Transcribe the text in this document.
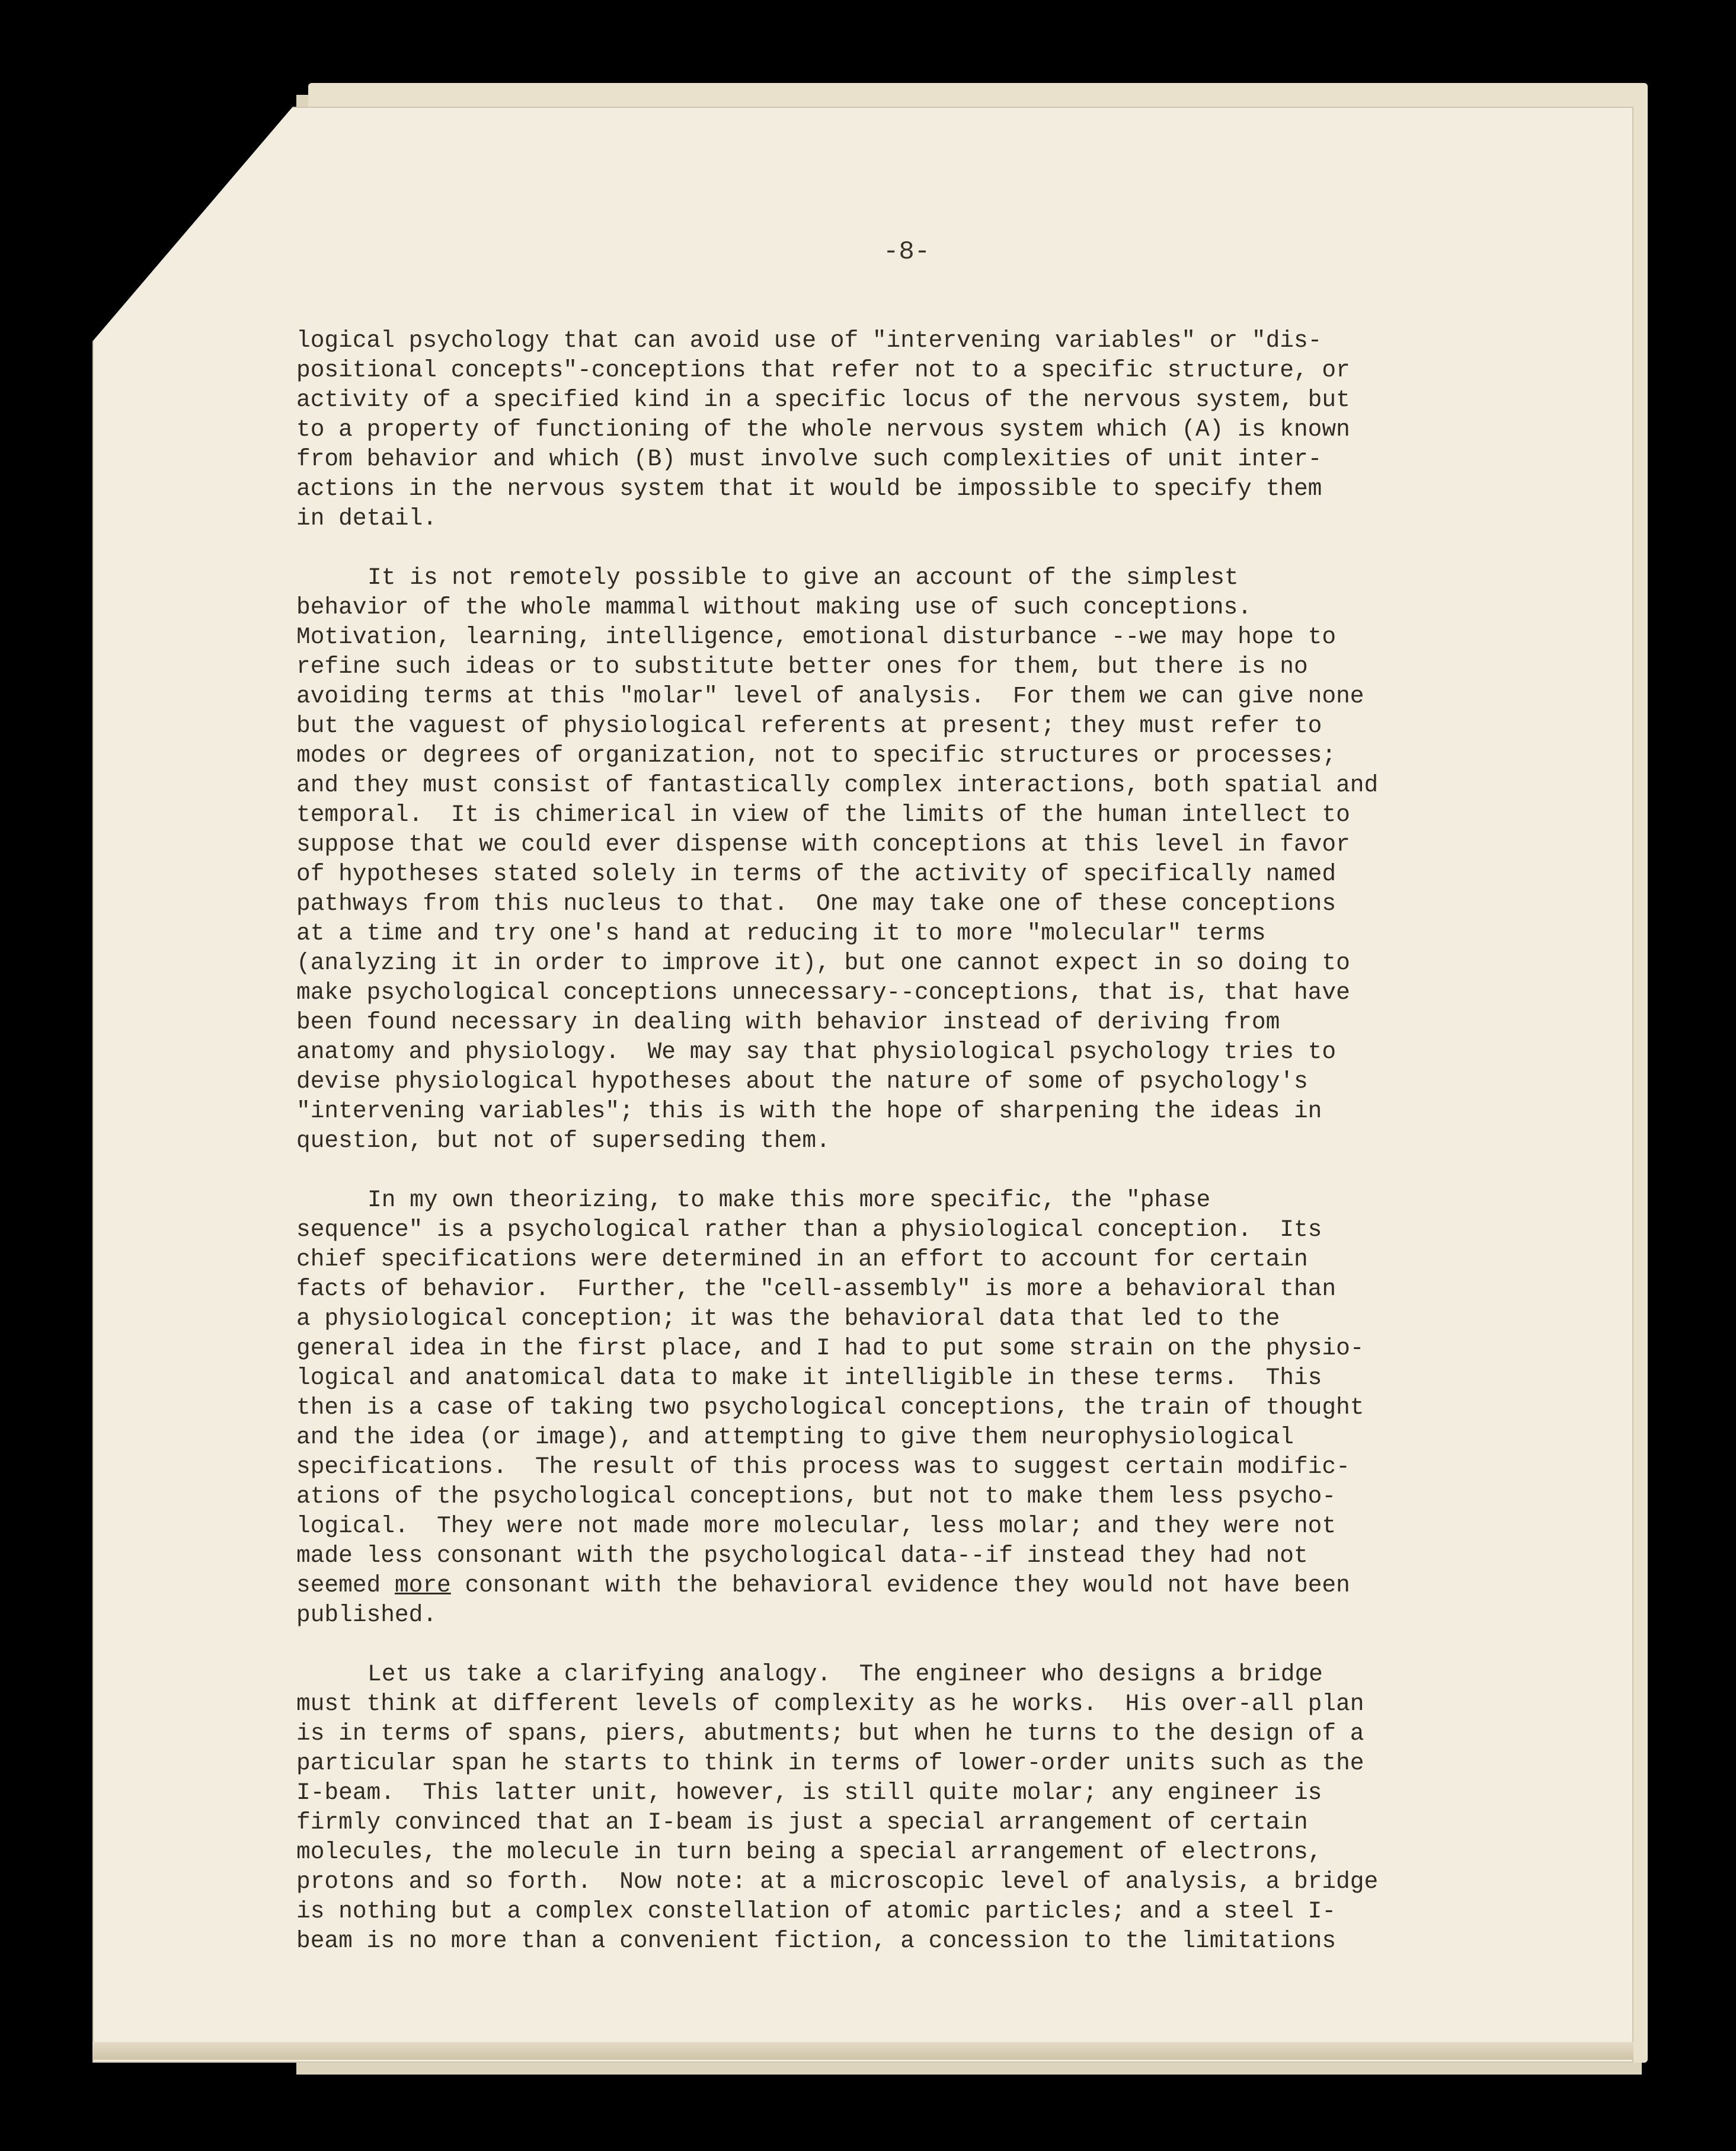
-8-

logical psychology that can avoid use of "intervening variables" or "dis-
positional concepts"-conceptions that refer not to a specific structure, or
activity of a specified kind in a specific locus of the nervous system, but
to a property of functioning of the whole nervous system which (A) is known
from behavior and which (B) must involve such complexities of unit inter-
actions in the nervous system that it would be impossible to specify them
in detail.

It is not remotely possible to give an account of the simplest
behavior of the whole mammal without making use of such conceptions.
Motivation, learning, intelligence, emotional disturbance --we may hope to
refine such ideas or to substitute better ones for them, but there is no
avoiding terms at this "molar" level of analysis.  For them we can give none
but the vaguest of physiological referents at present; they must refer to
modes or degrees of organization, not to specific structures or processes;
and they must consist of fantastically complex interactions, both spatial and
temporal.  It is chimerical in view of the limits of the human intellect to
suppose that we could ever dispense with conceptions at this level in favor
of hypotheses stated solely in terms of the activity of specifically named
pathways from this nucleus to that.  One may take one of these conceptions
at a time and try one's hand at reducing it to more "molecular" terms
(analyzing it in order to improve it), but one cannot expect in so doing to
make psychological conceptions unnecessary--conceptions, that is, that have
been found necessary in dealing with behavior instead of deriving from
anatomy and physiology.  We may say that physiological psychology tries to
devise physiological hypotheses about the nature of some of psychology's
"intervening variables"; this is with the hope of sharpening the ideas in
question, but not of superseding them.

In my own theorizing, to make this more specific, the "phase
sequence" is a psychological rather than a physiological conception.  Its
chief specifications were determined in an effort to account for certain
facts of behavior.  Further, the "cell-assembly" is more a behavioral than
a physiological conception; it was the behavioral data that led to the
general idea in the first place, and I had to put some strain on the physio-
logical and anatomical data to make it intelligible in these terms.  This
then is a case of taking two psychological conceptions, the train of thought
and the idea (or image), and attempting to give them neurophysiological
specifications.  The result of this process was to suggest certain modific-
ations of the psychological conceptions, but not to make them less psycho-
logical.  They were not made more molecular, less molar; and they were not
made less consonant with the psychological data--if instead they had not
seemed more consonant with the behavioral evidence they would not have been
published.

Let us take a clarifying analogy.  The engineer who designs a bridge
must think at different levels of complexity as he works.  His over-all plan
is in terms of spans, piers, abutments; but when he turns to the design of a
particular span he starts to think in terms of lower-order units such as the
I-beam.  This latter unit, however, is still quite molar; any engineer is
firmly convinced that an I-beam is just a special arrangement of certain
molecules, the molecule in turn being a special arrangement of electrons,
protons and so forth.  Now note: at a microscopic level of analysis, a bridge
is nothing but a complex constellation of atomic particles; and a steel I-
beam is no more than a convenient fiction, a concession to the limitations
